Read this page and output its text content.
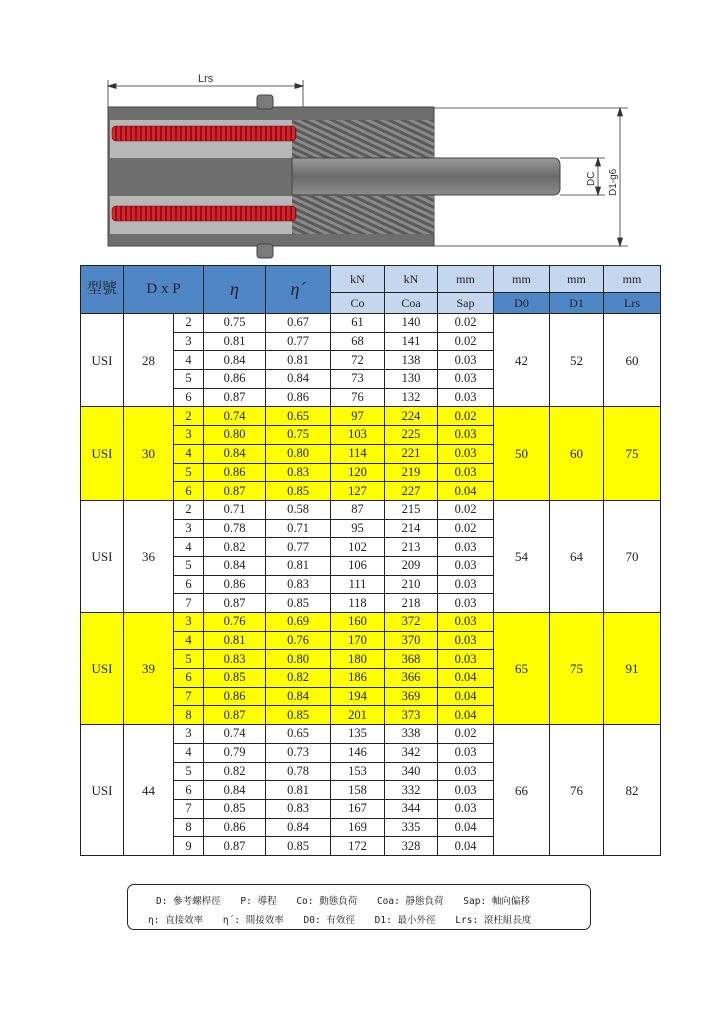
Lrs
DC D1-g6
型號	D x P		η	η´	kN	kN	mm	mm	mm	mm
					Co	Coa	Sap	D0	D1	Lrs
USI	28	2	0.75	0.67	61	140	0.02	42	52	60
		3	0.81	0.77	68	141	0.02			
		4	0.84	0.81	72	138	0.03			
		5	0.86	0.84	73	130	0.03			
		6	0.87	0.86	76	132	0.03			
USI	30	2	0.74	0.65	97	224	0.02	50	60	75
		3	0.80	0.75	103	225	0.03			
		4	0.84	0.80	114	221	0.03			
		5	0.86	0.83	120	219	0.03			
		6	0.87	0.85	127	227	0.04			
USI	36	2	0.71	0.58	87	215	0.02	54	64	70
		3	0.78	0.71	95	214	0.02			
		4	0.82	0.77	102	213	0.03			
		5	0.84	0.81	106	209	0.03			
		6	0.86	0.83	111	210	0.03			
		7	0.87	0.85	118	218	0.03			
USI	39	3	0.76	0.69	160	372	0.03	65	75	91
		4	0.81	0.76	170	370	0.03			
		5	0.83	0.80	180	368	0.03			
		6	0.85	0.82	186	366	0.04			
		7	0.86	0.84	194	369	0.04			
		8	0.87	0.85	201	373	0.04			
USI	44	3	0.74	0.65	135	338	0.02	66	76	82
		4	0.79	0.73	146	342	0.03			
		5	0.82	0.78	153	340	0.03			
		6	0.84	0.81	158	332	0.03			
		7	0.85	0.83	167	344	0.03			
		8	0.86	0.84	169	335	0.04			
		9	0.87	0.85	172	328	0.04			
D: 參考螺桿徑 P: 導程 Co: 動態負荷 Coa: 靜態負荷 Sap: 軸向偏移
η: 直接效率 η´: 間接效率 D0: 有效徑 D1: 最小外徑 Lrs: 滾柱組長度
